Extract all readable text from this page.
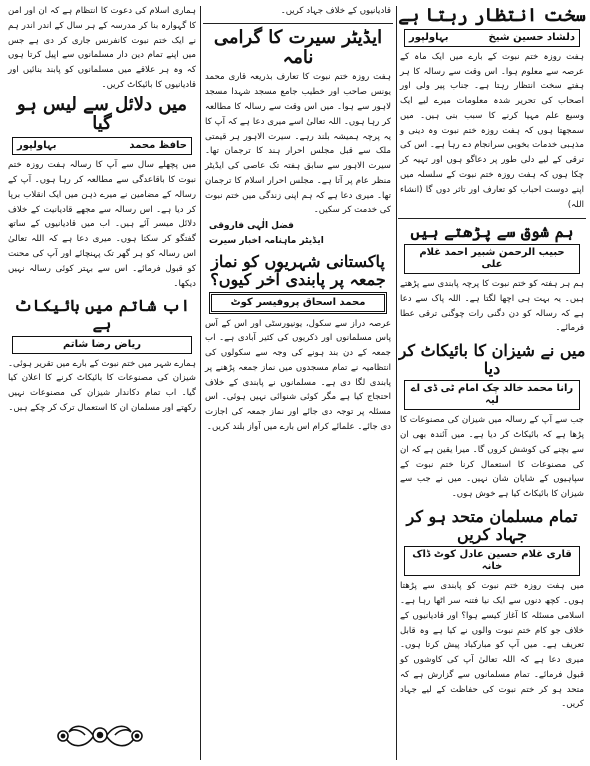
سخت انتظار رہتا ہے
دلشاد حسین شیخ
بہاولپور
ہفت روزہ ختم نبوت کے بارے میں ایک ماہ کے عرصہ سے معلوم ہوا۔ اس وقت سے رسالہ کا ہر ہفتے سخت انتظار رہتا ہے۔ جناب پیر ولی اور اصحاب کی تحریر شدہ معلومات میرے لیے ایک وسیع علم مہیا کرنے کا سبب بنی ہیں۔ میں سمجھتا ہوں کہ ہفت روزہ ختم نبوت وہ دینی و مذہبی خدمات بخوبی سرانجام دے رہا ہے۔ اس کی ترقی کے لیے دلی طور پر دعاگو ہوں اور تہیہ کر چکا ہوں کہ ہفت روزہ ختم نبوت کے سلسلہ میں اپنے دوست احباب کو تعارف اور تاثر دوں گا (انشاء اللہ)
ہم شوق سے پڑھتے ہیں
حبیب الرحمن شبیر احمد غلام علی
ہم ہر ہفتہ کو ختم نبوت کا پرچہ پابندی سے پڑھتے ہیں۔ یہ بہت ہی اچھا لگتا ہے۔ اللہ پاک سے دعا ہے کہ رسالہ کو دن دگنی رات چوگنی ترقی عطا فرمائے۔
میں نے شیزان کا بائیکاٹ کر دیا
رانا محمد خالد چک امام ٹی ڈی اے لیہ
جب سے آپ کے رسالہ میں شیزان کی مصنوعات کا پڑھا ہے کہ بائیکاٹ کر دیا ہے۔ میں آئندہ بھی ان سے بچنے کی کوشش کروں گا۔ میرا یقین ہے کہ ان کی مصنوعات کا استعمال کرنا ختم نبوت کے سپاہیوں کے شایان شان نہیں۔ میں نے جب سے شیزان کا بائیکاٹ کیا ہے خوش ہوں۔
تمام مسلمان متحد ہو کر جہاد کریں
قاری غلام حسین عادل کوٹ ڈاک خانہ
میں ہفت روزہ ختم نبوت کو پابندی سے پڑھتا ہوں۔ کچھ دنوں سے ایک نیا فتنہ سر اٹھا رہا ہے۔ اسلامی مسئلہ کا آغاز کیسے ہوا؟ اور قادیانیوں کے خلاف جو کام ختم نبوت والوں نے کیا ہے وہ قابل تعریف ہے۔ میں آپ کو مبارکباد پیش کرتا ہوں۔ میری دعا ہے کہ اللہ تعالیٰ آپ کی کاوشوں کو قبول فرمائے۔ تمام مسلمانوں سے گزارش ہے کہ متحد ہو کر ختم نبوت کی حفاظت کے لیے جہاد کریں۔
قادیانیوں کے خلاف جہاد کریں۔
ایڈیٹر سیرت کا گرامی نامہ
ہفت روزہ ختم نبوت کا تعارف بذریعہ قاری محمد یونس صاحب اور خطیب جامع مسجد شہدا مسجد لاہور سے ہوا۔ میں اس وقت سے رسالہ کا مطالعہ کر رہا ہوں۔ اللہ تعالیٰ اسے میری دعا ہے کہ آپ کا یہ پرچہ ہمیشہ بلند رہے۔ سیرت الاہور ہر قیمتی ملک سے قبل مجلس احرار ہند کا ترجمان تھا۔ سیرت الاہور سے سابق ہفتہ تک عاصی کی ایڈیٹر منظر عام پر آتا ہے۔ مجلس احرار اسلام کا ترجمان تھا۔ میری دعا ہے کہ ہم اپنی زندگی میں ختم نبوت کی خدمت کر سکیں۔
فضل الٰہی فاروقی
ایڈیٹر ماہنامہ اخبار سیرت
پاکستانی شہریوں کو نماز جمعہ پر پابندی آخر کیوں؟
محمد اسحاق پروفیسر کوٹ
عرصہ دراز سے سکول، یونیورسٹی اور اس کے آس پاس مسلمانوں اور ذکریوں کی کثیر آبادی ہے۔ اب جمعہ کے دن بند ہونے کی وجہ سے سکولوں کی انتظامیہ نے تمام مسجدوں میں نماز جمعہ پڑھنے پر پابندی لگا دی ہے۔ مسلمانوں نے پابندی کے خلاف احتجاج کیا ہے مگر کوئی شنوائی نہیں ہوئی۔ اس مسئلہ پر توجہ دی جائے اور نماز جمعہ کی اجازت دی جائے۔ علمائے کرام اس بارے میں آواز بلند کریں۔
ہماری اسلام کی دعوت کا انتظام ہے کہ ان اور امن کا گہوارہ بنا کر مدرسہ کے ہر سال کے اندر اندر ہم نے ایک ختم نبوت کانفرنس جاری کر دی ہے جس میں اپنے تمام دین دار مسلمانوں سے اپیل کرتا ہوں کہ وہ ہر علاقے میں مسلمانوں کو پابند بنائیں اور قادیانیوں کا بائیکاٹ کریں۔
میں دلائل سے لیس ہو گیا
حافظ محمد
بہاولپور
میں پچھلے سال سے آپ کا رسالہ ہفت روزہ ختم نبوت کا باقاعدگی سے مطالعہ کر رہا ہوں۔ آپ کے رسالہ کے مضامین نے میرے ذہن میں ایک انقلاب برپا کر دیا ہے۔ اس رسالہ سے مجھے قادیانیت کے خلاف دلائل میسر آئے ہیں۔ اب میں قادیانیوں کے ساتھ گفتگو کر سکتا ہوں۔ میری دعا ہے کہ اللہ تعالیٰ اس رسالہ کو ہر گھر تک پہنچائے اور آپ کی محنت کو قبول فرمائے۔ اس سے بہتر کوئی رسالہ نہیں دیکھا۔
اب شاتم میں بائیکاٹ ہے
ریاض رضا شاتم
ہمارے شہر میں ختم نبوت کے بارے میں تقریر ہوئی۔ شیزان کی مصنوعات کا بائیکاٹ کرنے کا اعلان کیا گیا۔ اب تمام دکاندار شیزان کی مصنوعات نہیں رکھتے اور مسلمان ان کا استعمال ترک کر چکے ہیں۔
